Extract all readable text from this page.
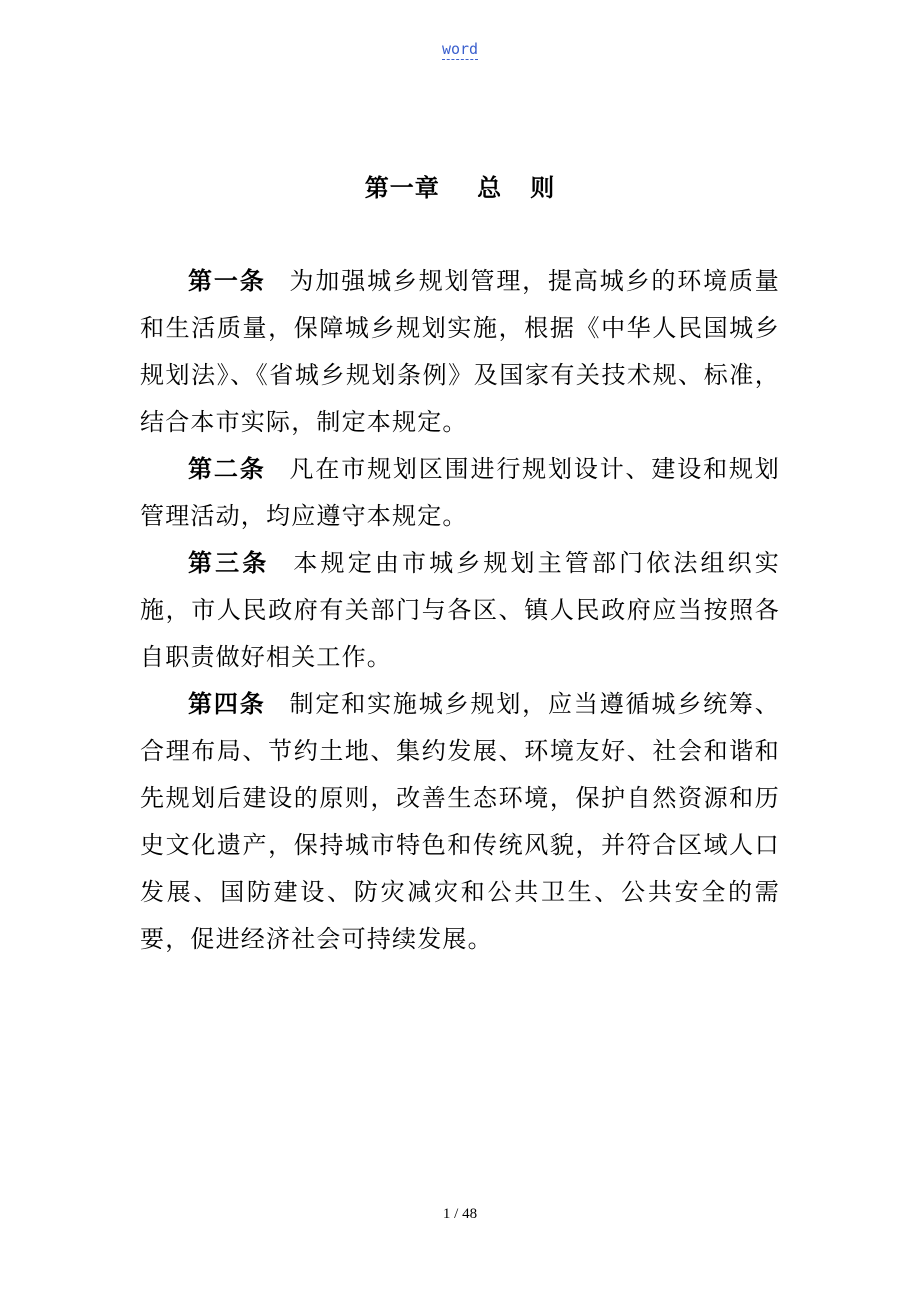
word
第一章    总   则

第一条 为加强城乡规划管理，提高城乡的环境质量和生活质量，保障城乡规划实施，根据《中华人民国城乡规划法》、《省城乡规划条例》及国家有关技术规、标准，结合本市实际，制定本规定。

第二条 凡在市规划区围进行规划设计、建设和规划管理活动，均应遵守本规定。

第三条 本规定由市城乡规划主管部门依法组织实施，市人民政府有关部门与各区、镇人民政府应当按照各自职责做好相关工作。

第四条 制定和实施城乡规划，应当遵循城乡统筹、合理布局、节约土地、集约发展、环境友好、社会和谐和先规划后建设的原则，改善生态环境，保护自然资源和历史文化遗产，保持城市特色和传统风貌，并符合区域人口发展、国防建设、防灾减灾和公共卫生、公共安全的需要，促进经济社会可持续发展。

1 / 48
